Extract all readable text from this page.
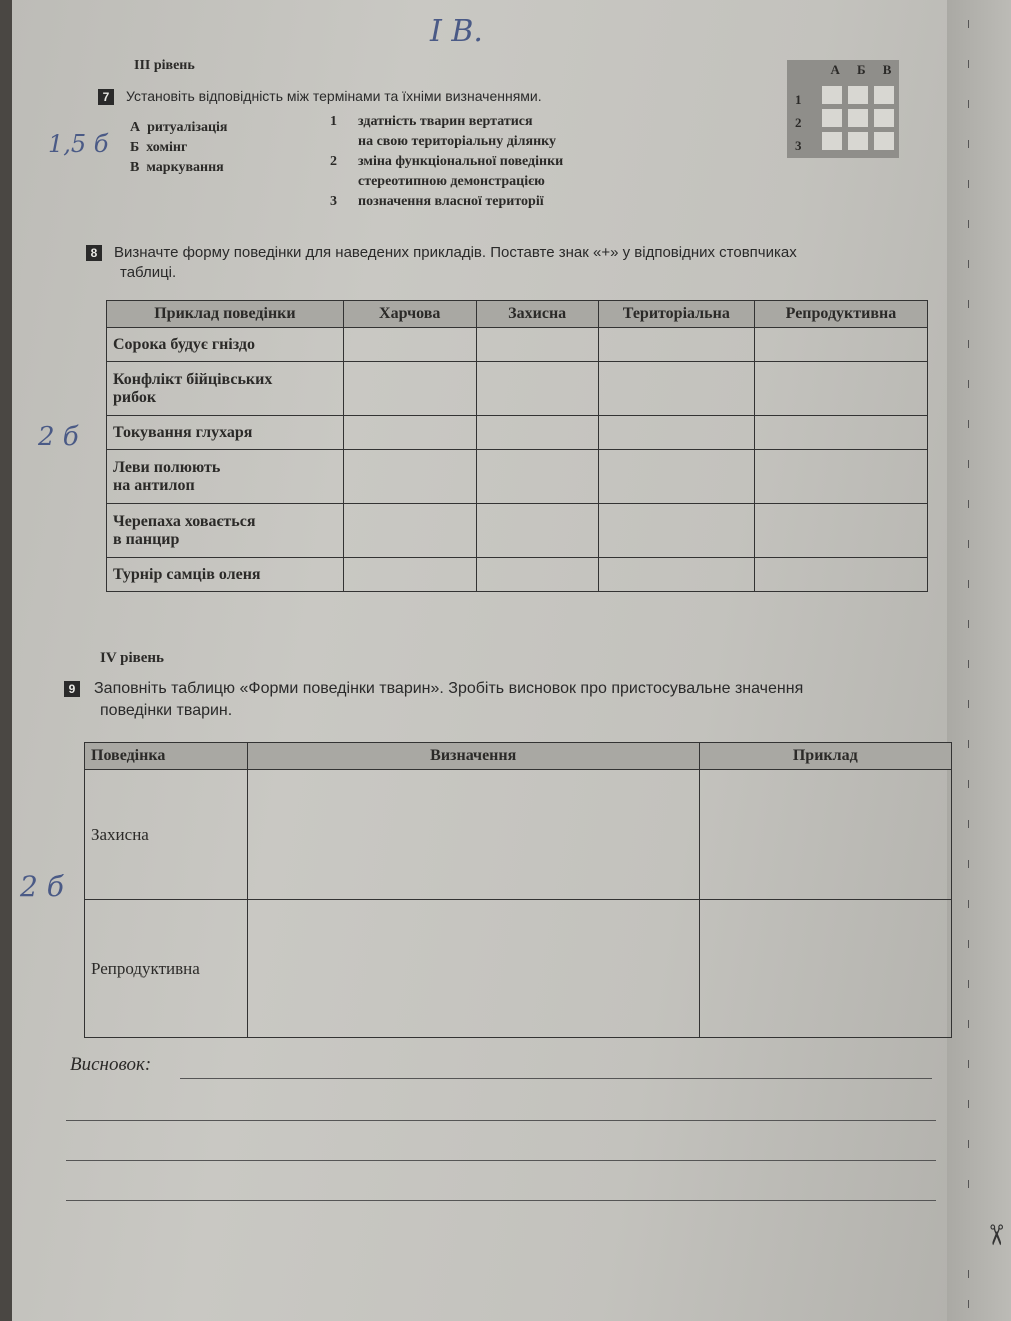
І В.
1,5 б
2 б
2 б
ІІІ рівень
7 Установіть відповідність між термінами та їхніми визначеннями.
А ритуалізація
Б хомінг
В маркування
1 здатність тварин вертатися
на свою територіальну ділянку
2 зміна функціональної поведінки
стереотипною демонстрацією
3 позначення власної території
А Б В
1
2
3
8 Визначте форму поведінки для наведених прикладів. Поставте знак «+» у відповідних стовпчиках
таблиці.
Приклад поведінки	Харчова	Захисна	Територіальна	Репродуктивна
Сорока будує гніздо				

Конфлікт бійцівських
рибок				

Токування глухаря				

Леви полюють
на антилоп				

Черепаха ховається
в панцир				

Турнір самців оленя				
IV рівень
9 Заповніть таблицю «Форми поведінки тварин». Зробіть висновок про пристосувальне значення
поведінки тварин.
Поведінка	Визначення	Приклад
Захисна		
Репродуктивна		
Висновок:
✂
